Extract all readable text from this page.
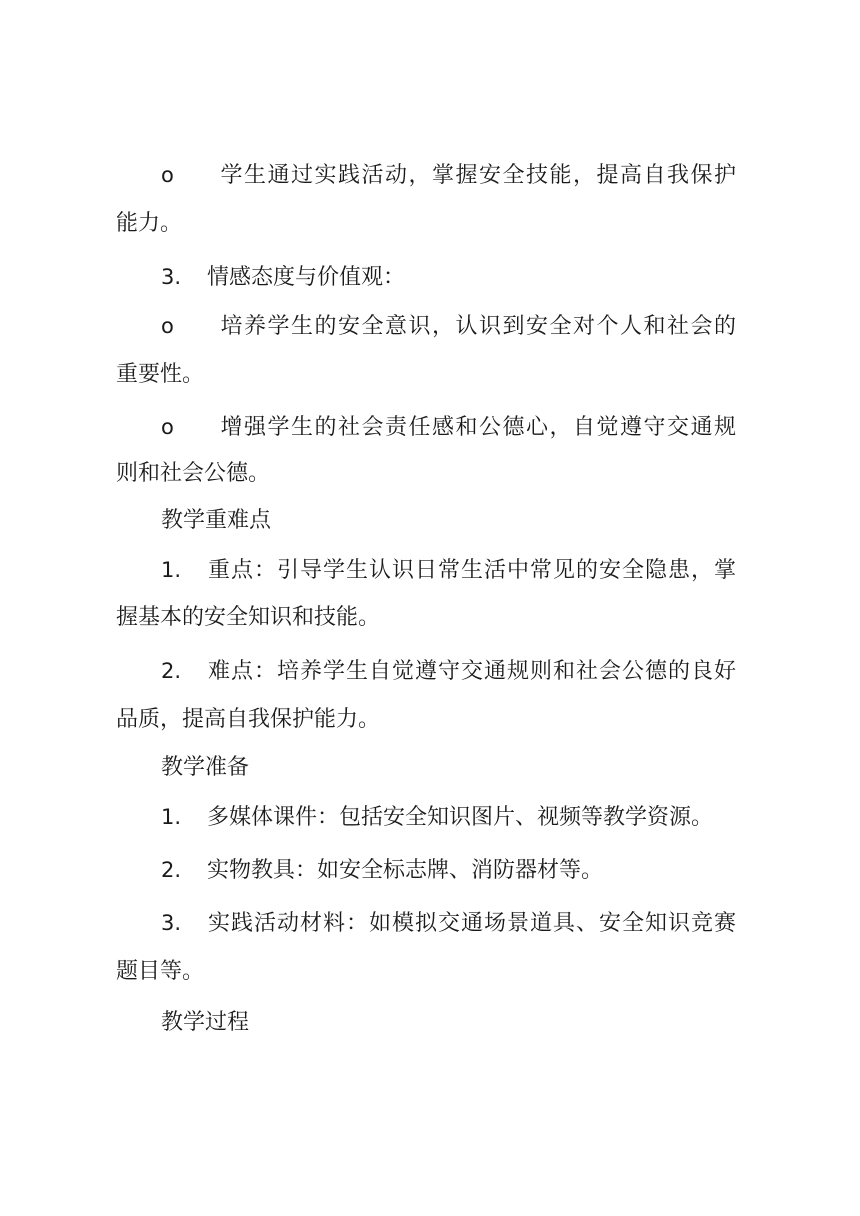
o 学生通过实践活动，掌握安全技能，提高自我保护
能力。
3. 情感态度与价值观：
o 培养学生的安全意识，认识到安全对个人和社会的
重要性。
o 增强学生的社会责任感和公德心，自觉遵守交通规
则和社会公德。
教学重难点
1. 重点：引导学生认识日常生活中常见的安全隐患，掌
握基本的安全知识和技能。
2. 难点：培养学生自觉遵守交通规则和社会公德的良好
品质，提高自我保护能力。
教学准备
1. 多媒体课件：包括安全知识图片、视频等教学资源。
2. 实物教具：如安全标志牌、消防器材等。
3. 实践活动材料：如模拟交通场景道具、安全知识竞赛
题目等。
教学过程
